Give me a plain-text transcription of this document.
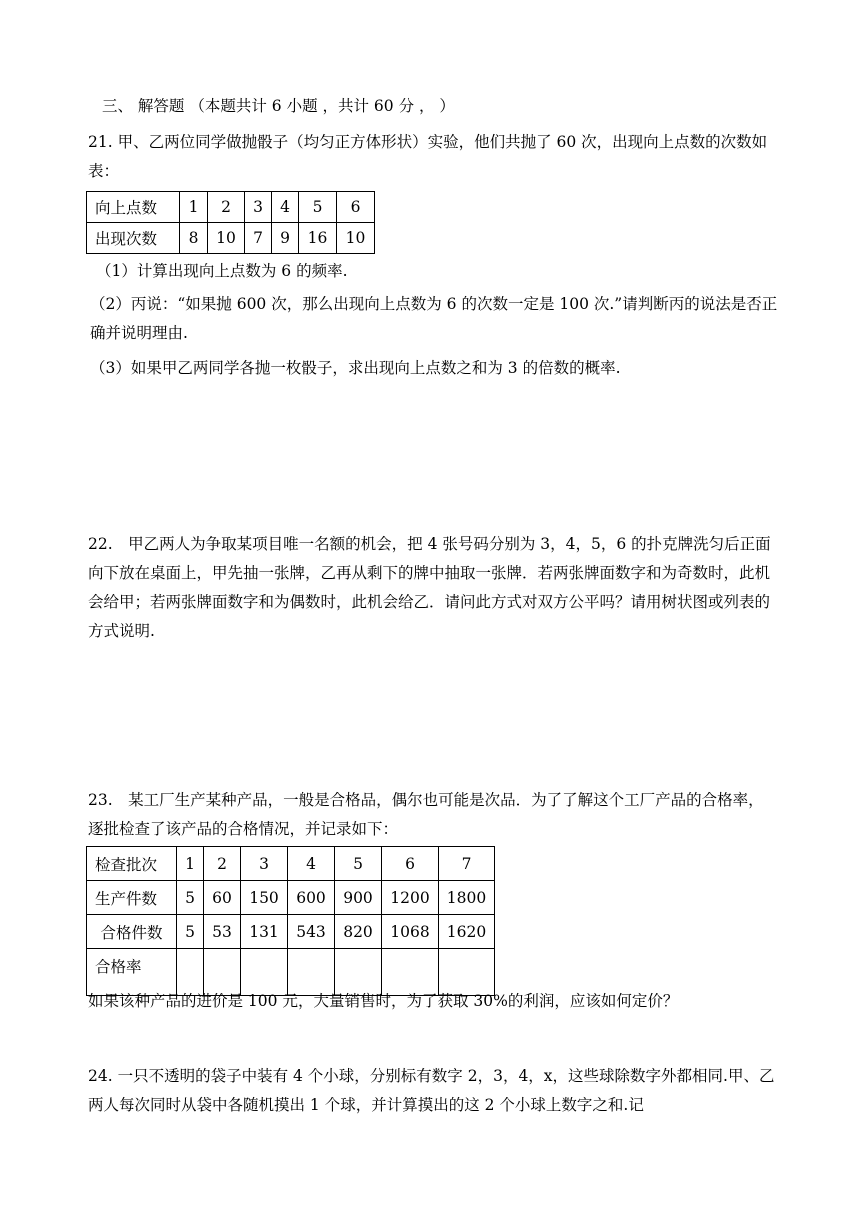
三、 解答题 （本题共计 6 小题 ，共计 60 分 ， ）
21. 甲、乙两位同学做抛骰子（均匀正方体形状）实验，他们共抛了 60 次，出现向上点数的次数如表：
向上点数	1	2	3	4	5	6
出现次数	8	10	7	9	16	10
（1）计算出现向上点数为 6 的频率.
（2）丙说：“如果抛 600 次，那么出现向上点数为 6 的次数一定是 100 次.”请判断丙的说法是否正确并说明理由.
（3）如果甲乙两同学各抛一枚骰子，求出现向上点数之和为 3 的倍数的概率.
22.　甲乙两人为争取某项目唯一名额的机会，把 4 张号码分别为 3，4，5，6 的扑克牌洗匀后正面向下放在桌面上，甲先抽一张牌，乙再从剩下的牌中抽取一张牌．若两张牌面数字和为奇数时，此机会给甲；若两张牌面数字和为偶数时，此机会给乙．请问此方式对双方公平吗？请用树状图或列表的方式说明.
23.　某工厂生产某种产品，一般是合格品，偶尔也可能是次品．为了了解这个工厂产品的合格率，逐批检查了该产品的合格情况，并记录如下：
检查批次	1	2	3	4	5	6	7
生产件数	5	60	150	600	900	1200	1800
合格件数	5	53	131	543	820	1068	1620
合格率							
如果该种产品的进价是 100 元，大量销售时，为了获取 30%的利润，应该如何定价？
24. 一只不透明的袋子中装有 4 个小球，分别标有数字 2，3，4，x，这些球除数字外都相同.甲、乙两人每次同时从袋中各随机摸出 1 个球，并计算摸出的这 2 个小球上数字之和.记
